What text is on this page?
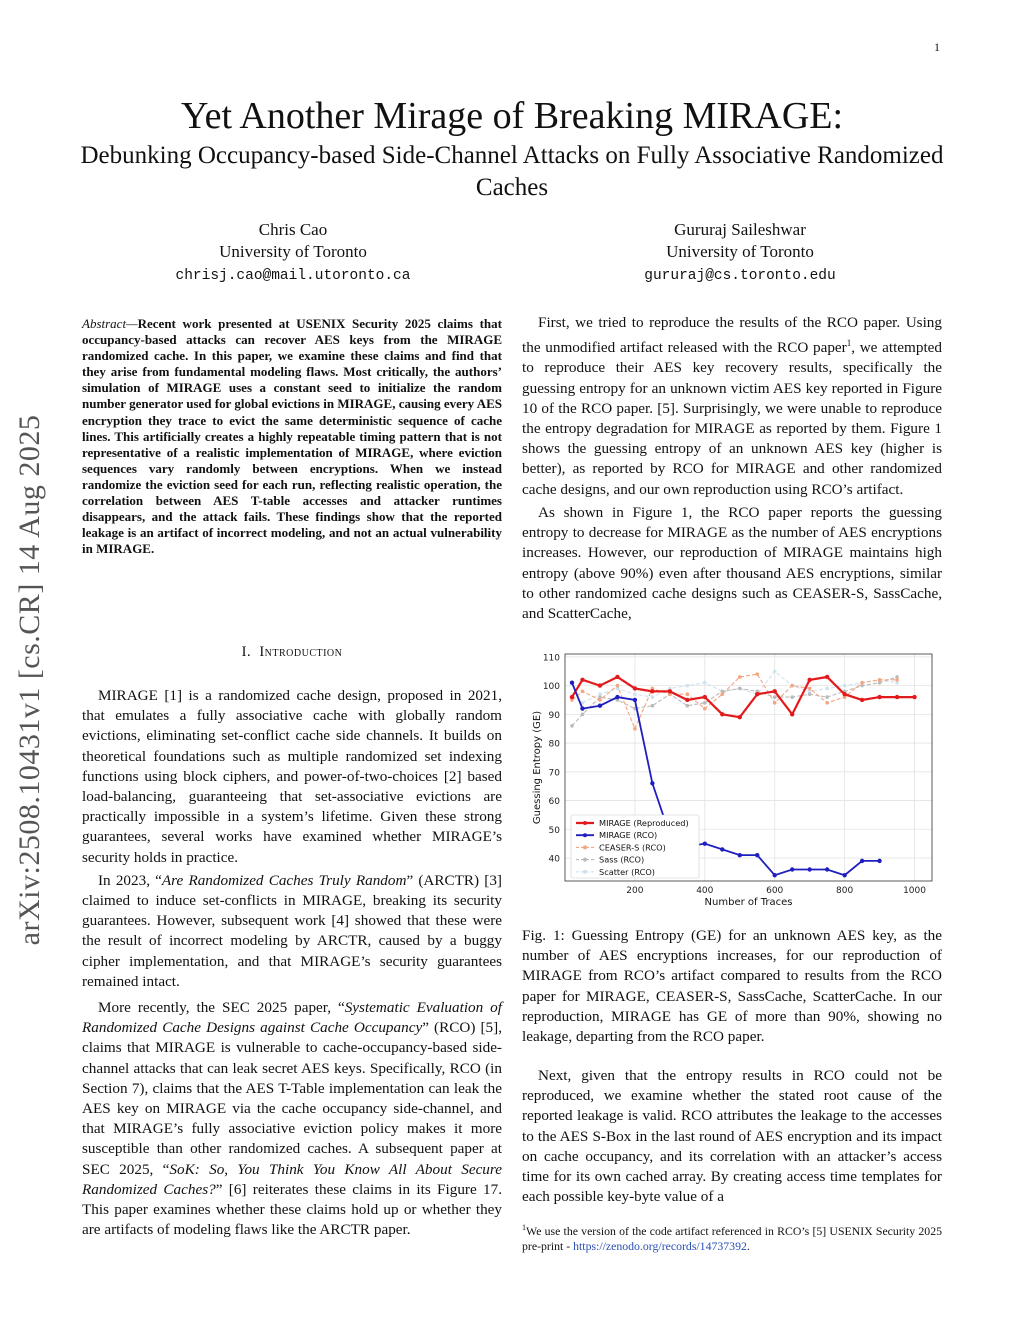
1
arXiv:2508.10431v1 [cs.CR] 14 Aug 2025
Yet Another Mirage of Breaking MIRAGE:
Debunking Occupancy-based Side-Channel Attacks on Fully Associative Randomized Caches
Chris Cao
University of Toronto
chrisj.cao@mail.utoronto.ca
Gururaj Saileshwar
University of Toronto
gururaj@cs.toronto.edu
Abstract—Recent work presented at USENIX Security 2025 claims that occupancy-based attacks can recover AES keys from the MIRAGE randomized cache. In this paper, we examine these claims and find that they arise from fundamental modeling flaws. Most critically, the authors’ simulation of MIRAGE uses a constant seed to initialize the random number generator used for global evictions in MIRAGE, causing every AES encryption they trace to evict the same deterministic sequence of cache lines. This artificially creates a highly repeatable timing pattern that is not representative of a realistic implementation of MIRAGE, where eviction sequences vary randomly between encryptions. When we instead randomize the eviction seed for each run, reflecting realistic operation, the correlation between AES T-table accesses and attacker runtimes disappears, and the attack fails. These findings show that the reported leakage is an artifact of incorrect modeling, and not an actual vulnerability in MIRAGE.
I. Introduction

MIRAGE [1] is a randomized cache design, proposed in 2021, that emulates a fully associative cache with globally random evictions, eliminating set-conflict cache side channels. It builds on theoretical foundations such as multiple randomized set indexing functions using block ciphers, and power-of-two-choices [2] based load-balancing, guaranteeing that set-associative evictions are practically impossible in a system’s lifetime. Given these strong guarantees, several works have examined whether MIRAGE’s security holds in practice.

In 2023, “Are Randomized Caches Truly Random” (ARCTR) [3] claimed to induce set-conflicts in MIRAGE, breaking its security guarantees. However, subsequent work [4] showed that these were the result of incorrect modeling by ARCTR, caused by a buggy cipher implementation, and that MIRAGE’s security guarantees remained intact.

More recently, the SEC 2025 paper, “Systematic Evaluation of Randomized Cache Designs against Cache Occupancy” (RCO) [5], claims that MIRAGE is vulnerable to cache-occupancy-based side-channel attacks that can leak secret AES keys. Specifically, RCO (in Section 7), claims that the AES T-Table implementation can leak the AES key on MIRAGE via the cache occupancy side-channel, and that MIRAGE’s fully associative eviction policy makes it more susceptible than other randomized caches. A subsequent paper at SEC 2025, “SoK: So, You Think You Know All About Secure Randomized Caches?” [6] reiterates these claims in its Figure 17. This paper examines whether these claims hold up or whether they are artifacts of modeling flaws like the ARCTR paper.

First, we tried to reproduce the results of the RCO paper. Using the unmodified artifact released with the RCO paper$^1$, we attempted to reproduce their AES key recovery results, specifically the guessing entropy for an unknown victim AES key reported in Figure 10 of the RCO paper. [5]. Surprisingly, we were unable to reproduce the entropy degradation for MIRAGE as reported by them. Figure 1 shows the guessing entropy of an unknown AES key (higher is better), as reported by RCO for MIRAGE and other randomized cache designs, and our own reproduction using RCO’s artifact.

As shown in Figure 1, the RCO paper reports the guessing entropy to decrease for MIRAGE as the number of AES encryptions increases. However, our reproduction of MIRAGE maintains high entropy (above 90%) even after thousand AES encryptions, similar to other randomized cache designs such as CEASER-S, SassCache, and ScatterCache,

40
50
60
70
80
90
100
110
200	400	600	800	1000
Number of Traces
Guessing Entropy (GE)	MIRAGE (Reproduced)
MIRAGE (RCO)
CEASER-S (RCO)
Sass (RCO)
Scatter (RCO)
Fig. 1: Guessing Entropy (GE) for an unknown AES key, as the number of AES encryptions increases, for our reproduction of MIRAGE from RCO’s artifact compared to results from the RCO paper for MIRAGE, CEASER-S, SassCache, ScatterCache. In our reproduction, MIRAGE has GE of more than 90%, showing no leakage, departing from the RCO paper.

Next, given that the entropy results in RCO could not be reproduced, we examine whether the stated root cause of the reported leakage is valid. RCO attributes the leakage to the accesses to the AES S-Box in the last round of AES encryption and its impact on cache occupancy, and its correlation with an attacker’s access time for its own cached array. By creating access time templates for each possible key-byte value of a

$^1$We use the version of the code artifact referenced in RCO’s [5] USENIX Security 2025 pre-print - https://zenodo.org/records/14737392.
